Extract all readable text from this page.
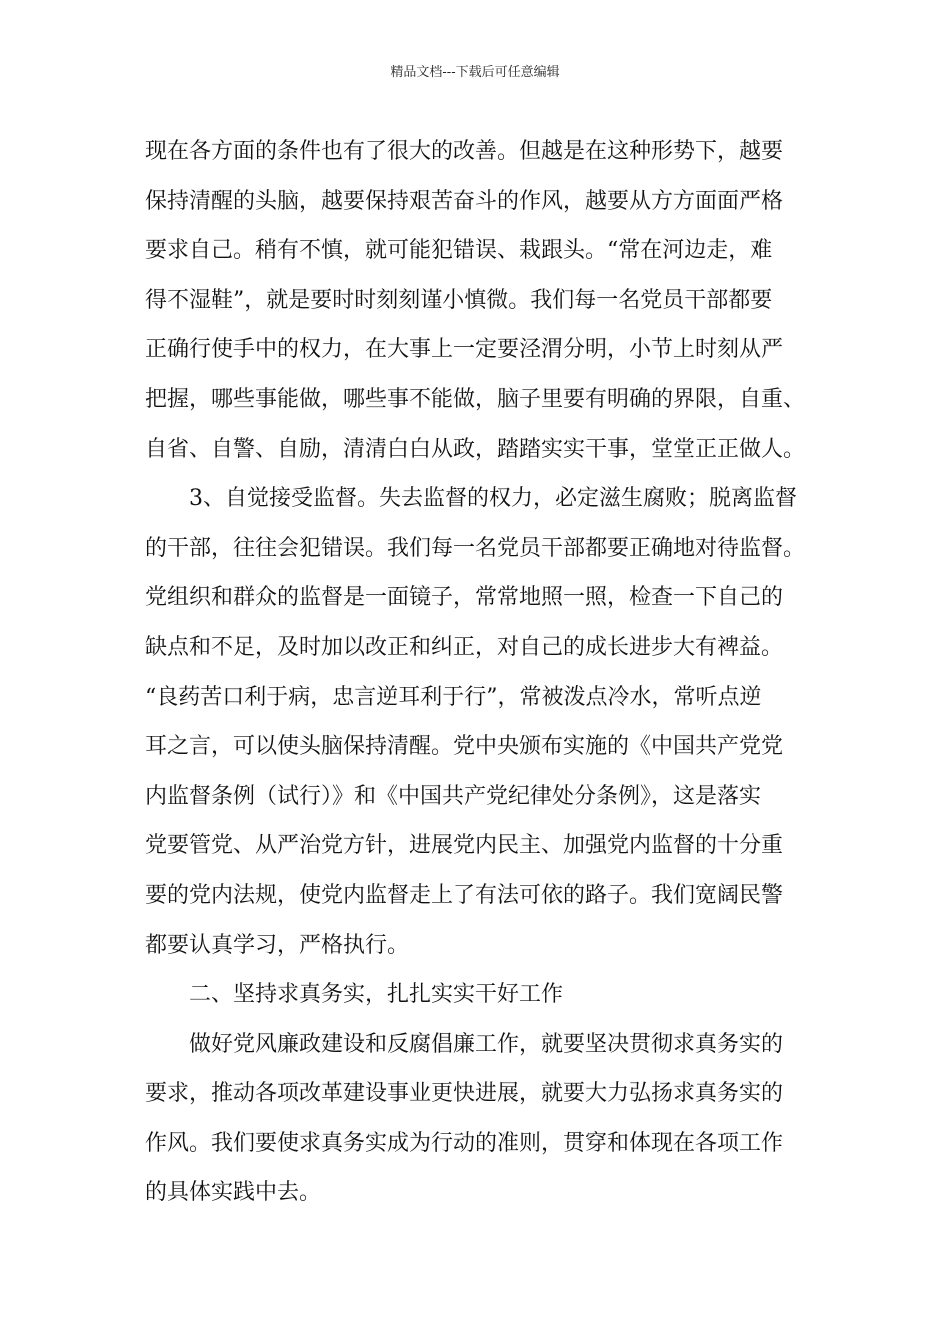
精品文档---下载后可任意编辑
现在各方面的条件也有了很大的改善。但越是在这种形势下，越要
保持清醒的头脑，越要保持艰苦奋斗的作风，越要从方方面面严格
要求自己。稍有不慎，就可能犯错误、栽跟头。“常在河边走，难
得不湿鞋”，就是要时时刻刻谨小慎微。我们每一名党员干部都要
正确行使手中的权力，在大事上一定要泾渭分明，小节上时刻从严
把握，哪些事能做，哪些事不能做，脑子里要有明确的界限，自重、
自省、自警、自励，清清白白从政，踏踏实实干事，堂堂正正做人。
3、自觉接受监督。失去监督的权力，必定滋生腐败；脱离监督
的干部，往往会犯错误。我们每一名党员干部都要正确地对待监督。
党组织和群众的监督是一面镜子，常常地照一照，检查一下自己的
缺点和不足，及时加以改正和纠正，对自己的成长进步大有裨益。
“良药苦口利于病，忠言逆耳利于行”，常被泼点冷水，常听点逆
耳之言，可以使头脑保持清醒。党中央颁布实施的《中国共产党党
内监督条例（试行）》和《中国共产党纪律处分条例》，这是落实
党要管党、从严治党方针，进展党内民主、加强党内监督的十分重
要的党内法规，使党内监督走上了有法可依的路子。我们宽阔民警
都要认真学习，严格执行。
二、坚持求真务实，扎扎实实干好工作
做好党风廉政建设和反腐倡廉工作，就要坚决贯彻求真务实的
要求，推动各项改革建设事业更快进展，就要大力弘扬求真务实的
作风。我们要使求真务实成为行动的准则，贯穿和体现在各项工作
的具体实践中去。
